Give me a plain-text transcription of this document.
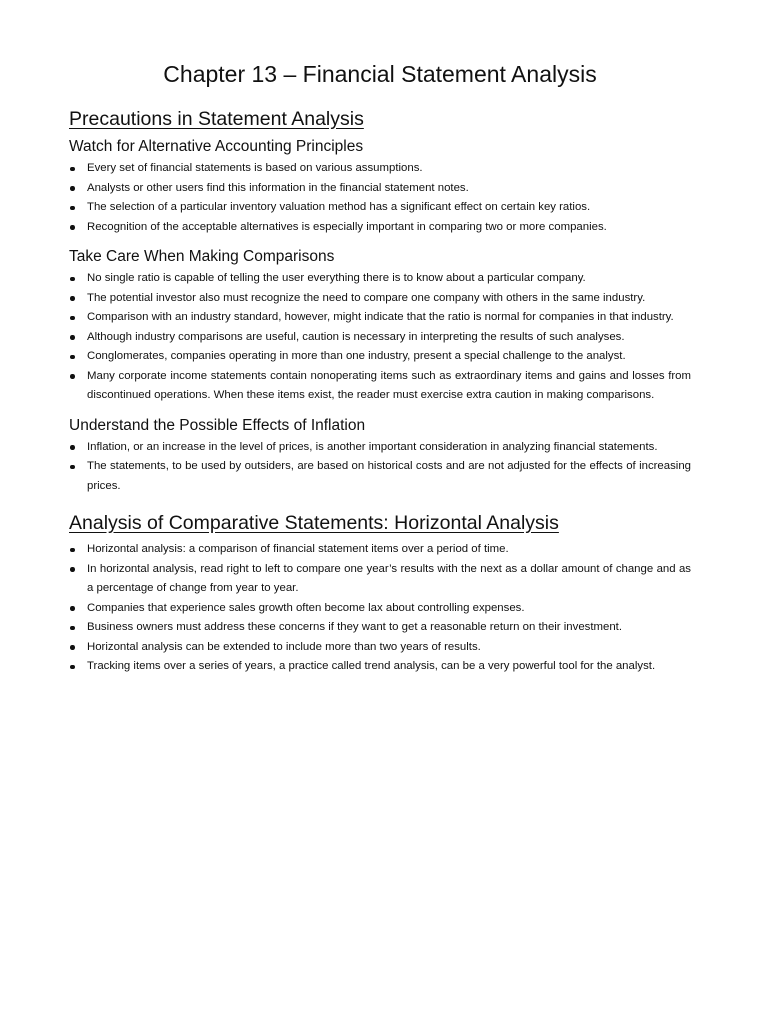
Chapter 13 – Financial Statement Analysis
Precautions in Statement Analysis
Watch for Alternative Accounting Principles
Every set of financial statements is based on various assumptions.
Analysts or other users find this information in the financial statement notes.
The selection of a particular inventory valuation method has a significant effect on certain key ratios.
Recognition of the acceptable alternatives is especially important in comparing two or more companies.
Take Care When Making Comparisons
No single ratio is capable of telling the user everything there is to know about a particular company.
The potential investor also must recognize the need to compare one company with others in the same industry.
Comparison with an industry standard, however, might indicate that the ratio is normal for companies in that industry.
Although industry comparisons are useful, caution is necessary in interpreting the results of such analyses.
Conglomerates, companies operating in more than one industry, present a special challenge to the analyst.
Many corporate income statements contain nonoperating items such as extraordinary items and gains and losses from discontinued operations. When these items exist, the reader must exercise extra caution in making comparisons.
Understand the Possible Effects of Inflation
Inflation, or an increase in the level of prices, is another important consideration in analyzing financial statements.
The statements, to be used by outsiders, are based on historical costs and are not adjusted for the effects of increasing prices.
Analysis of Comparative Statements: Horizontal Analysis
Horizontal analysis: a comparison of financial statement items over a period of time.
In horizontal analysis, read right to left to compare one year’s results with the next as a dollar amount of change and as a percentage of change from year to year.
Companies that experience sales growth often become lax about controlling expenses.
Business owners must address these concerns if they want to get a reasonable return on their investment.
Horizontal analysis can be extended to include more than two years of results.
Tracking items over a series of years, a practice called trend analysis, can be a very powerful tool for the analyst.
